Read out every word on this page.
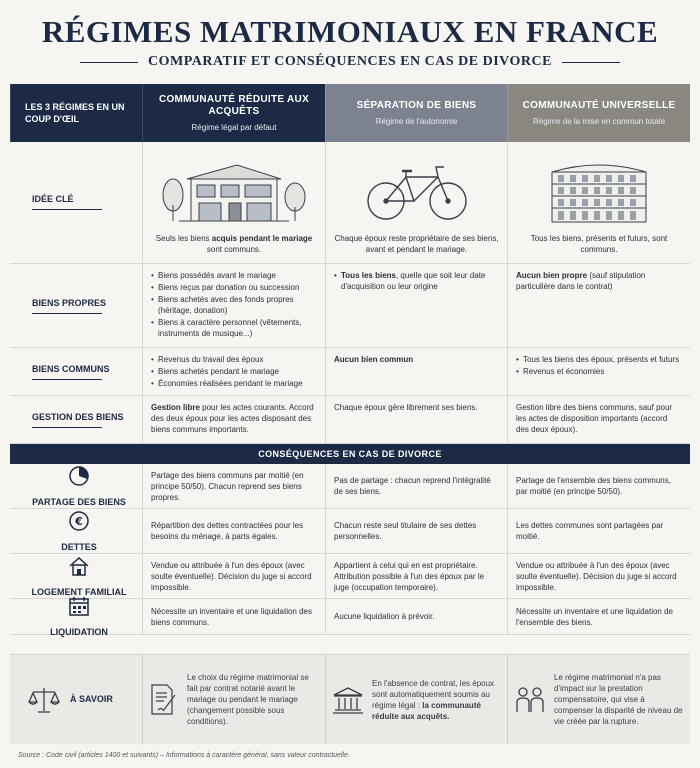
RÉGIMES MATRIMONIAUX EN FRANCE
COMPARATIF ET CONSÉQUENCES EN CAS DE DIVORCE
LES 3 RÉGIMES EN UN COUP D'ŒIL
COMMUNAUTÉ RÉDUITE AUX ACQUÊTS
Régime légal par défaut
SÉPARATION DE BIENS
Régime de l'autonomie
COMMUNAUTÉ UNIVERSELLE
Régime de la mise en commun totale
IDÉE CLÉ
Seuls les biens acquis pendant le mariage sont communs.
Chaque époux reste propriétaire de ses biens, avant et pendant le mariage.
Tous les biens, présents et futurs, sont communs.
BIENS PROPRES
• Biens possédés avant le mariage
• Biens reçus par donation ou succession
• Biens achetés avec des fonds propres (héritage, donation)
• Biens à caractère personnel (vêtements, instruments de musique...)
• Tous les biens, quelle que soit leur date d'acquisition ou leur origine
Aucun bien propre (sauf stipulation particulière dans le contrat)
BIENS COMMUNS
• Revenus du travail des époux
• Biens achetés pendant le mariage
• Économies réalisées pendant le mariage
Aucun bien commun
•	Tous les biens des époux, présents et futurs
• Revenus et économies
GESTION DES BIENS
Gestion libre pour les actes courants. Accord des deux époux pour les actes disposant des biens communs importants.
Chaque époux gère librement ses biens.	Gestion libre des biens communs, sauf pour les actes de disposition importants (accord des deux époux).
CONSÉQUENCES EN CAS DE DIVORCE
PARTAGE DES BIENS
Partage des biens communs par moitié (en principe 50/50). Chacun reprend ses biens propres.
Pas de partage : chacun reprend l'intégralité de ses biens.
Partage de l'ensemble des biens communs, par moitié (en principe 50/50).
€
DETTES
Répartition des dettes contractées pour les besoins du ménage, à parts égales.
Chacun reste seul titulaire de ses dettes personnelles.
Les dettes communes sont partagées par moitié.
LOGEMENT FAMILIAL
Vendue ou attribuée à l'un des époux (avec soulte éventuelle). Décision du juge si accord impossible.
Appartient à celui qui en est propriétaire. Attribution possible à l'un des époux par le juge (occupation temporaire).
Vendue ou attribuée à l'un des époux (avec soulte éventuelle). Décision du juge si accord impossible.
LIQUIDATION
Nécessite un inventaire et une liquidation des biens communs.
Aucune liquidation à prévoir.
Nécessite un inventaire et une liquidation de l'ensemble des biens.
À SAVOIR
Le choix du régime matrimonial se fait par contrat notarié avant le mariage ou pendant le mariage (changement possible sous conditions).
En l'absence de contrat, les époux sont automatiquement soumis au régime légal : la communauté réduite aux acquêts.
Le régime matrimonial n'a pas d'impact sur la prestation compensatoire, qui vise à compenser la disparité de niveau de vie créée par la rupture.
Source : Code civil (articles 1400 et suivants) – Informations à caractère général, sans valeur contractuelle.
